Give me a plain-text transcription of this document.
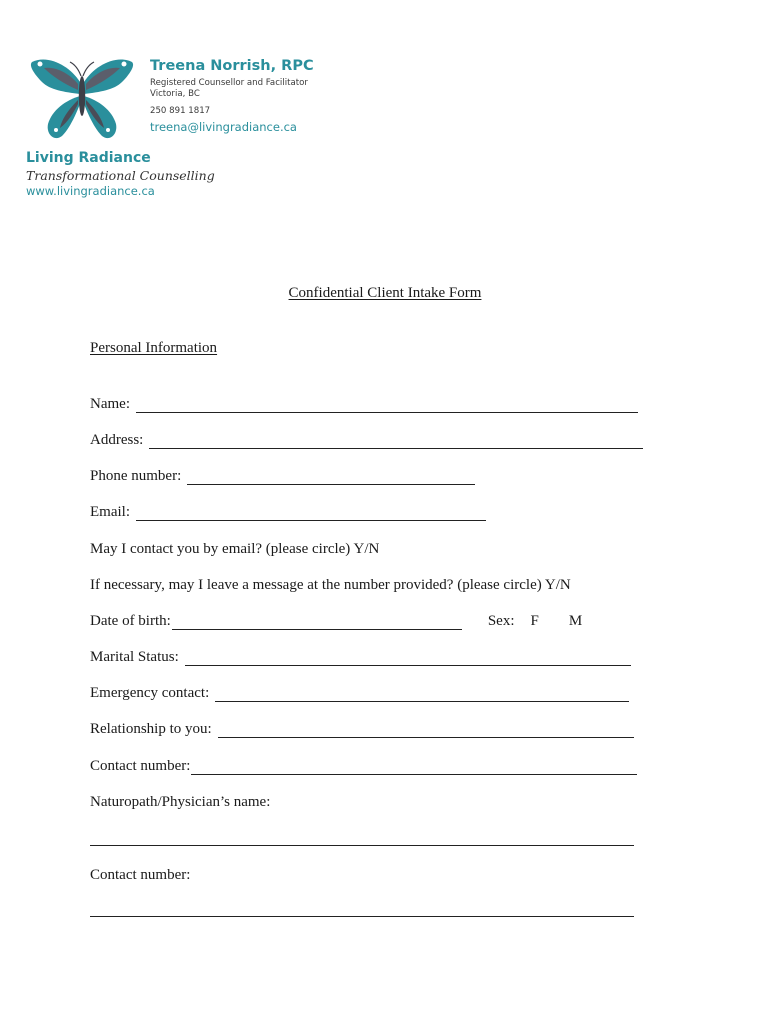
Treena Norrish, RPC
Registered Counsellor and Facilitator
Victoria, BC
250 891 1817
treena@livingradiance.ca
Living Radiance
Transformational Counselling
www.livingradiance.ca
Confidential Client Intake Form
Personal Information
Name:
Address:
Phone number:
Email:
May I contact you by email? (please circle) Y/N
If necessary, may I leave a message at the number provided? (please circle) Y/N
Date of birth:	Sex: F M
Marital Status:
Emergency contact:
Relationship to you:
Contact number:
Naturopath/Physician’s name:
Contact number:
